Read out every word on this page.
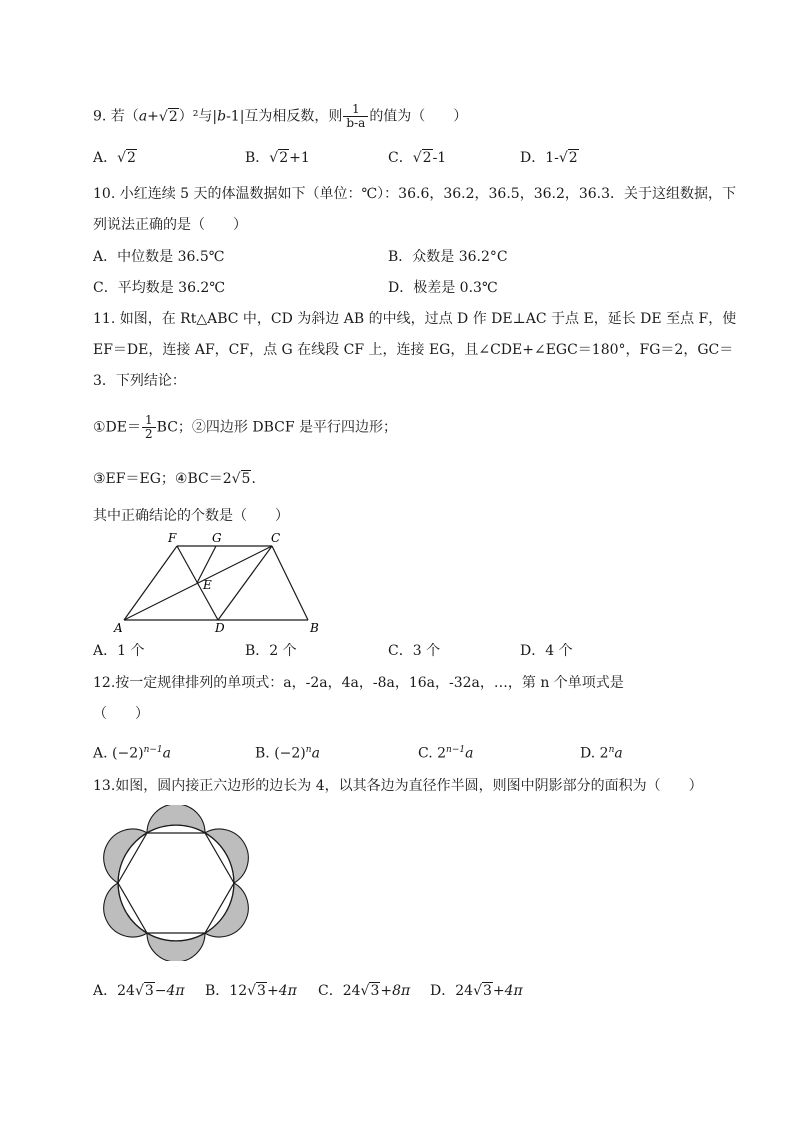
9. 若（a+√2）²与|b-1|互为相反数，则 $\frac{1}{b-a}$ 的值为（　　）
A．√2	B．√2+1	C．√2-1	D．1-√2
10. 小红连续 5 天的体温数据如下（单位：℃）：36.6，36.2，36.5，36.2，36.3．关于这组数据，下
列说法正确的是（　　）
A．中位数是 36.5℃	B．众数是 36.2°C
C．平均数是 36.2℃	D．极差是 0.3℃
11. 如图，在 Rt△ABC 中，CD 为斜边 AB 的中线，过点 D 作 DE⊥AC 于点 E，延长 DE 至点 F，使
EF＝DE，连接 AF，CF，点 G 在线段 CF 上，连接 EG，且∠CDE+∠EGC＝180°，FG＝2，GC＝
3．下列结论：
①DE＝ $\frac{1}{2}$ BC；②四边形 DBCF 是平行四边形；
③EF＝EG；④BC＝2√5．
其中正确结论的个数是（　　）
F	G	C
E
A	D	B
A．1 个	B．2 个	C．3 个	D．4 个
12.按一定规律排列的单项式：a，-2a，4a，-8a，16a，-32a，…，第 n 个单项式是
（　　）
A. $(-2)^{n-1}a$	B. $(-2)^na$	C. $2^{n-1}a$	D. 2$^n$a
13.如图，圆内接正六边形的边长为 4，以其各边为直径作半圆，则图中阴影部分的面积为（　　）
A．24√3−4π B．12√3+4π C．24√3+8π D．24√3+4π
